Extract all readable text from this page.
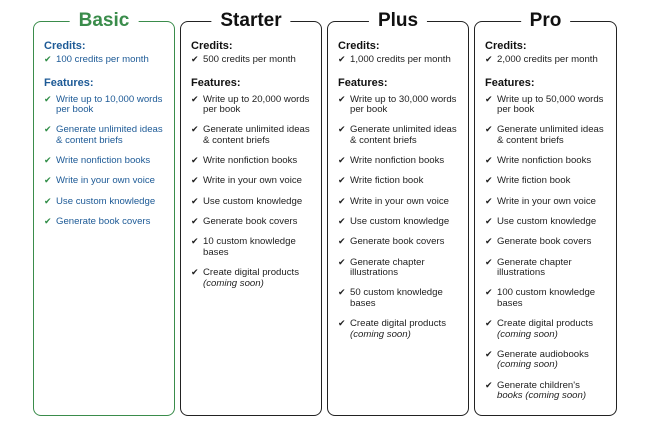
Basic
Credits:
✔ 100 credits per month
Features:
✔ Write up to 10,000 words per book
✔ Generate unlimited ideas & content briefs
✔ Write nonfiction books
✔ Write in your own voice
✔ Use custom knowledge
✔ Generate book covers
Starter
Credits:
✔ 500 credits per month
Features:
✔ Write up to 20,000 words per book
✔ Generate unlimited ideas & content briefs
✔ Write nonfiction books
✔ Write in your own voice
✔ Use custom knowledge
✔ Generate book covers
✔ 10 custom knowledge bases
✔ Create digital products
(coming soon)
Plus
Credits:
✔ 1,000 credits per month
Features:
✔ Write up to 30,000 words per book
✔ Generate unlimited ideas & content briefs
✔ Write nonfiction books
✔ Write fiction book
✔ Write in your own voice
✔ Use custom knowledge
✔ Generate book covers
✔ Generate chapter illustrations
✔ 50 custom knowledge bases
✔ Create digital products
(coming soon)
Pro
Credits:
✔ 2,000 credits per month
Features:
✔ Write up to 50,000 words per book
✔ Generate unlimited ideas & content briefs
✔ Write nonfiction books
✔ Write fiction book
✔ Write in your own voice
✔ Use custom knowledge
✔ Generate book covers
✔ Generate chapter illustrations
✔ 100 custom knowledge bases
✔ Create digital products
(coming soon)
✔ Generate audiobooks
(coming soon)
✔ Generate children's
books (coming soon)
